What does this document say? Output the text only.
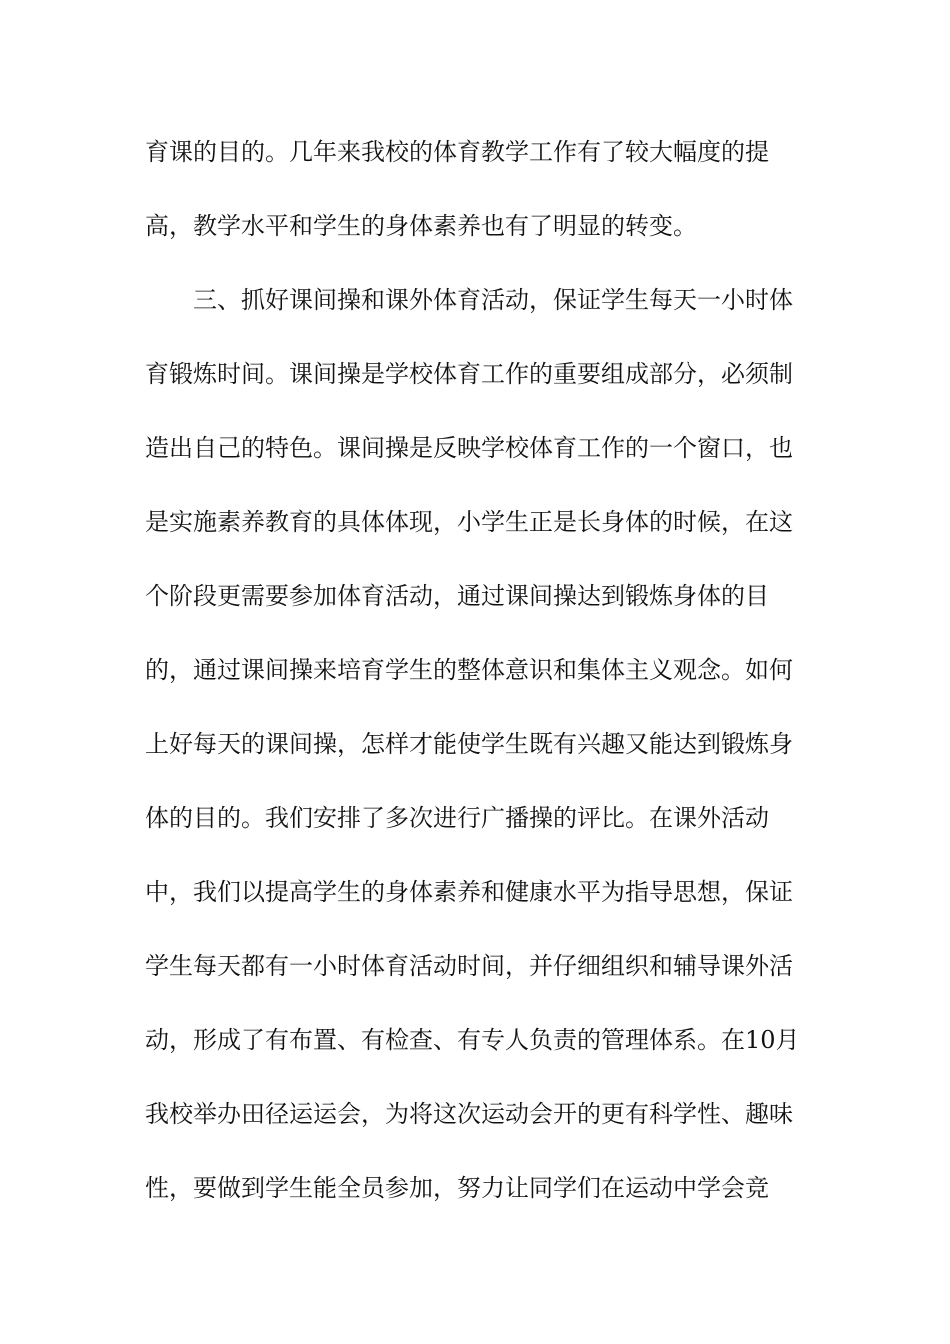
育课的目的。几年来我校的体育教学工作有了较大幅度的提
高，教学水平和学生的身体素养也有了明显的转变。
三、抓好课间操和课外体育活动，保证学生每天一小时体
育锻炼时间。课间操是学校体育工作的重要组成部分，必须制
造出自己的特色。课间操是反映学校体育工作的一个窗口，也
是实施素养教育的具体体现，小学生正是长身体的时候，在这
个阶段更需要参加体育活动，通过课间操达到锻炼身体的目
的，通过课间操来培育学生的整体意识和集体主义观念。如何
上好每天的课间操，怎样才能使学生既有兴趣又能达到锻炼身
体的目的。我们安排了多次进行广播操的评比。在课外活动
中，我们以提高学生的身体素养和健康水平为指导思想，保证
学生每天都有一小时体育活动时间，并仔细组织和辅导课外活
动，形成了有布置、有检查、有专人负责的管理体系。在10月
我校举办田径运运会，为将这次运动会开的更有科学性、趣味
性，要做到学生能全员参加，努力让同学们在运动中学会竞
